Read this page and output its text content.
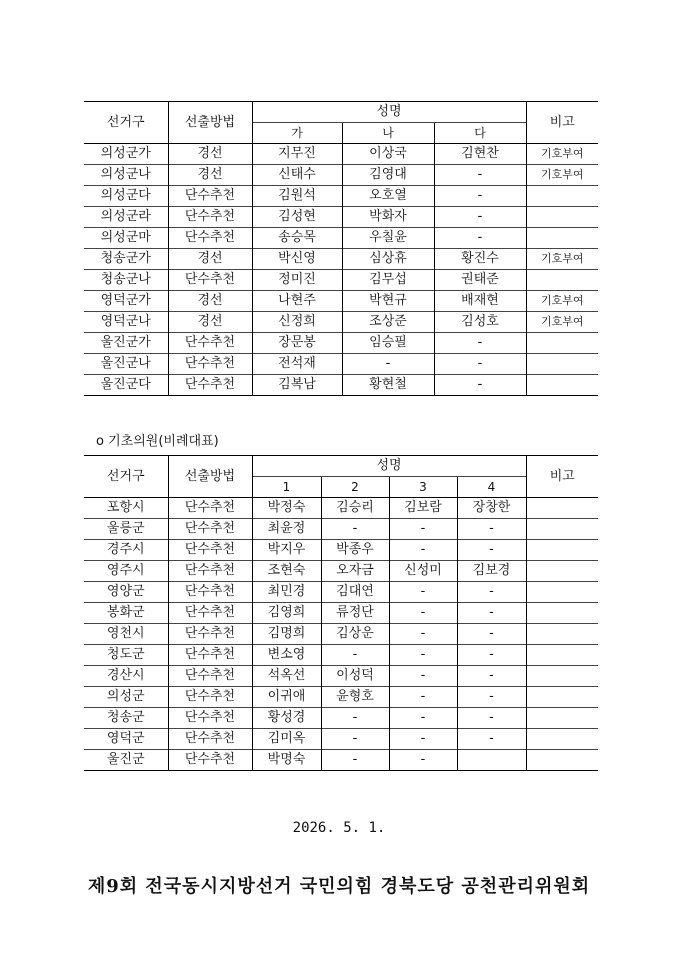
선거구	선출방법	성명			비고
		가	나	다	
의성군가	경선	지무진	이상국	김현찬	기호부여
의성군나	경선	신태수	김영대	-	기호부여
의성군다	단수추천	김원석	오호열	-	
의성군라	단수추천	김성현	박화자	-	
의성군마	단수추천	송승목	우칠윤	-	
청송군가	경선	박신영	심상휴	황진수	기호부여
청송군나	단수추천	정미진	김무섭	권태준	
영덕군가	경선	나현주	박현규	배재현	기호부여
영덕군나	경선	신정희	조상준	김성호	기호부여
울진군가	단수추천	장문봉	임승필	-	
울진군나	단수추천	전석재	-	-	
울진군다	단수추천	김복남	황현철	-	
o 기초의원(비례대표)
선거구	선출방법	성명				비고
		1	2	3	4	
포항시	단수추천	박정숙	김승리	김보람	장창한	
울릉군	단수추천	최윤정	-	-	-	
경주시	단수추천	박지우	박종우	-	-	
영주시	단수추천	조현숙	오자금	신성미	김보경	
영양군	단수추천	최민경	김대연	-	-	
봉화군	단수추천	김영희	류정단	-	-	
영천시	단수추천	김명희	김상운	-	-	
청도군	단수추천	변소영	-	-	-	
경산시	단수추천	석옥선	이성덕	-	-	
의성군	단수추천	이귀애	윤형호	-	-	
청송군	단수추천	황성경	-	-	-	
영덕군	단수추천	김미옥	-	-	-	
울진군	단수추천	박명숙	-	-		
2026. 5. 1.
제9회 전국동시지방선거 국민의힘 경북도당 공천관리위원회
